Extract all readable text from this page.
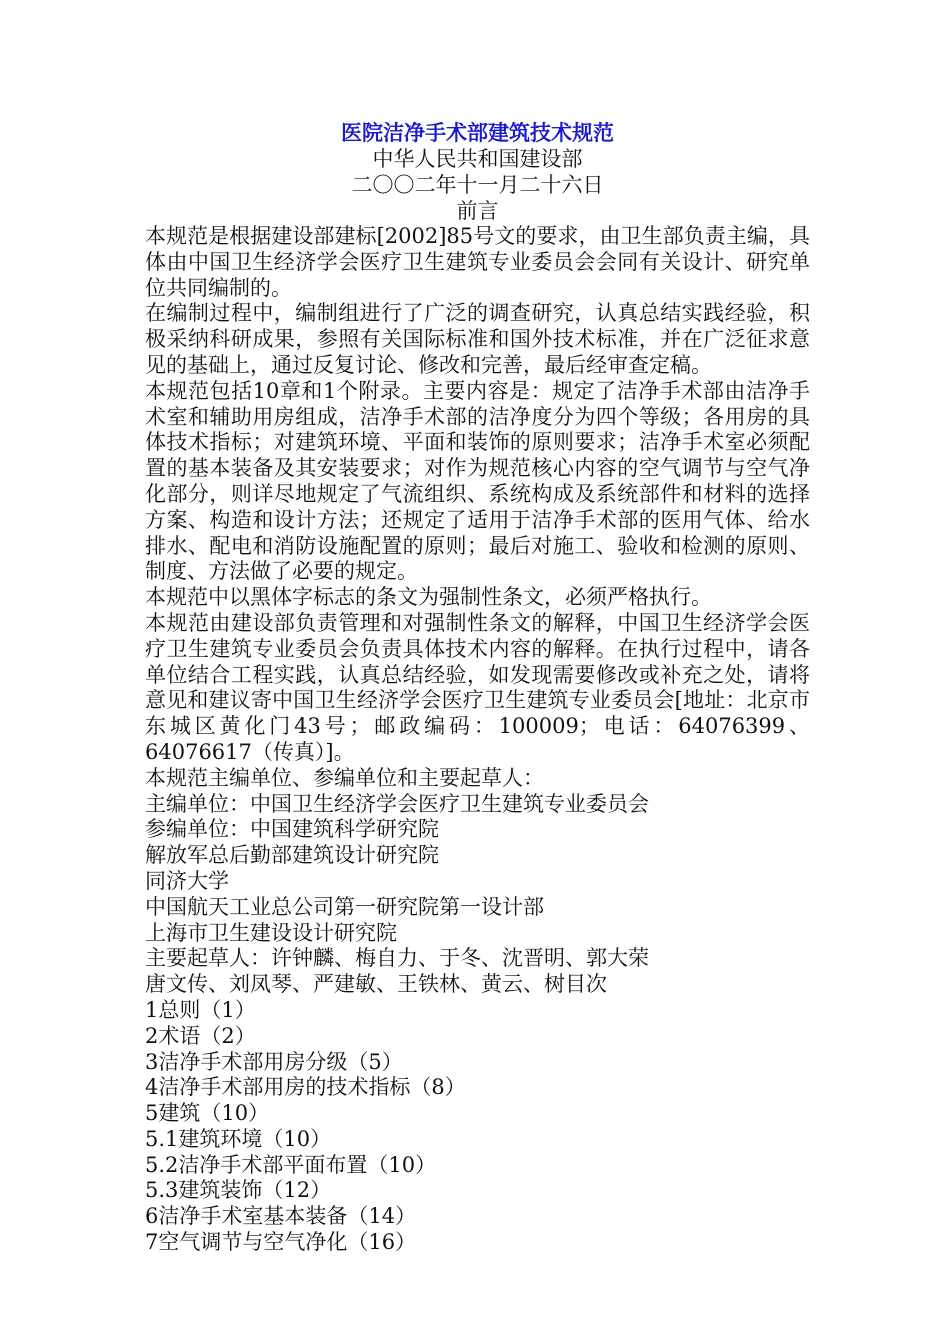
医院洁净手术部建筑技术规范
中华人民共和国建设部
二〇〇二年十一月二十六日
前言

本规范是根据建设部建标[2002]85号文的要求，由卫生部负责主编，具体由中国卫生经济学会医疗卫生建筑专业委员会会同有关设计、研究单位共同编制的。

在编制过程中，编制组进行了广泛的调查研究，认真总结实践经验，积极采纳科研成果，参照有关国际标准和国外技术标准，并在广泛征求意见的基础上，通过反复讨论、修改和完善，最后经审查定稿。

本规范包括10章和1个附录。主要内容是：规定了洁净手术部由洁净手术室和辅助用房组成，洁净手术部的洁净度分为四个等级；各用房的具体技术指标；对建筑环境、平面和装饰的原则要求；洁净手术室必须配置的基本装备及其安装要求；对作为规范核心内容的空气调节与空气净化部分，则详尽地规定了气流组织、系统构成及系统部件和材料的选择方案、构造和设计方法；还规定了适用于洁净手术部的医用气体、给水排水、配电和消防设施配置的原则；最后对施工、验收和检测的原则、制度、方法做了必要的规定。

本规范中以黑体字标志的条文为强制性条文，必须严格执行。

本规范由建设部负责管理和对强制性条文的解释，中国卫生经济学会医疗卫生建筑专业委员会负责具体技术内容的解释。在执行过程中，请各单位结合工程实践，认真总结经验，如发现需要修改或补充之处，请将意见和建议寄中国卫生经济学会医疗卫生建筑专业委员会[地址：北京市东城区黄化门43号；邮政编码：100009；电话：64076399、64076617（传真）]。

本规范主编单位、参编单位和主要起草人：
主编单位：中国卫生经济学会医疗卫生建筑专业委员会
参编单位：中国建筑科学研究院
解放军总后勤部建筑设计研究院
同济大学
中国航天工业总公司第一研究院第一设计部
上海市卫生建设设计研究院
主要起草人：许钟麟、梅自力、于冬、沈晋明、郭大荣
唐文传、刘凤琴、严建敏、王铁林、黄云、树目次
1总则（1）
2术语（2）
3洁净手术部用房分级（5）
4洁净手术部用房的技术指标（8）
5建筑（10）
5.1建筑环境（10）
5.2洁净手术部平面布置（10）
5.3建筑装饰（12）
6洁净手术室基本装备（14）
7空气调节与空气净化（16）
